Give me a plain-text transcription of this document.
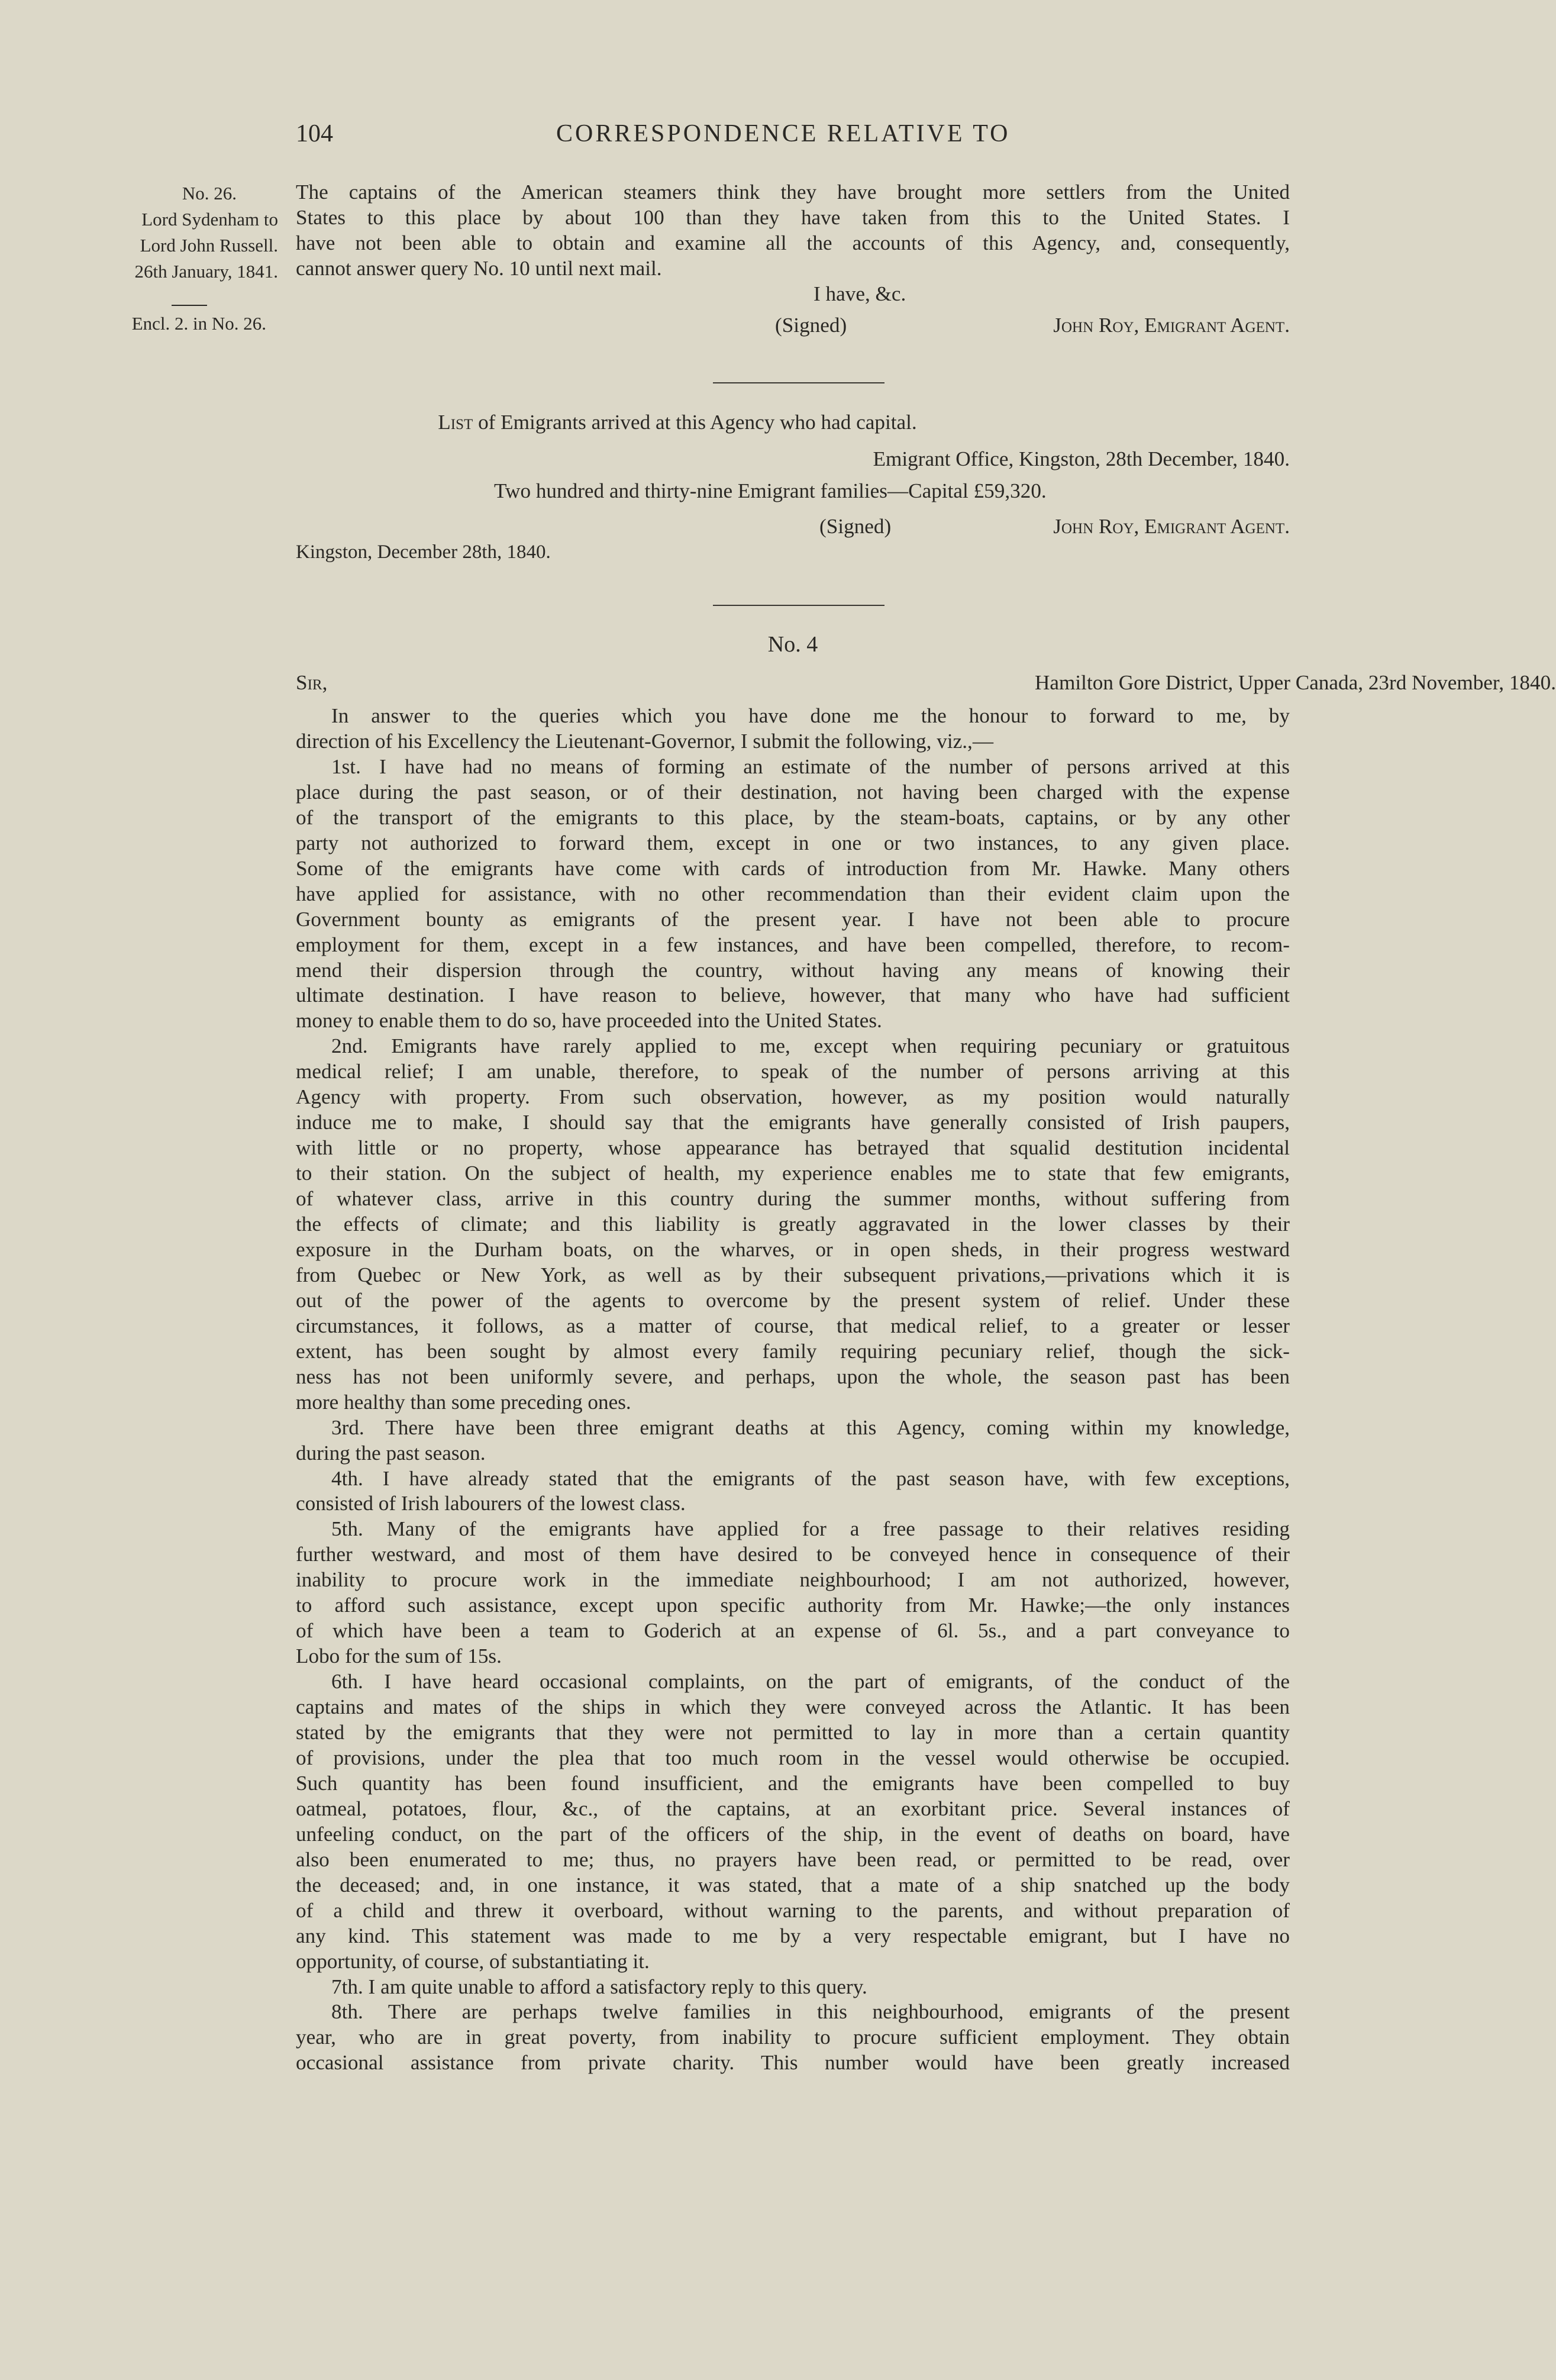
104	CORRESPONDENCE RELATIVE TO
No. 26.
Lord Sydenham to
Lord John Russell.
26th January, 1841.
Encl. 2. in No. 26.
The captains of the American steamers think they have brought more settlers from the United
States to this place by about 100 than they have taken from this to the United States. I
have not been able to obtain and examine all the accounts of this Agency, and, consequently,
cannot answer query No. 10 until next mail.
I have, &c.
(Signed)	John Roy, Emigrant Agent.
List of Emigrants arrived at this Agency who had capital.
Emigrant Office, Kingston, 28th December, 1840.
Two hundred and thirty-nine Emigrant families—Capital £59,320.
(Signed)	John Roy, Emigrant Agent.
Kingston, December 28th, 1840.
No. 4
Sir,	Hamilton Gore District, Upper Canada, 23rd November, 1840.
In answer to the queries which you have done me the honour to forward to me, by
direction of his Excellency the Lieutenant-Governor, I submit the following, viz.,—
1st. I have had no means of forming an estimate of the number of persons arrived at this
place during the past season, or of their destination, not having been charged with the expense
of the transport of the emigrants to this place, by the steam-boats, captains, or by any other
party not authorized to forward them, except in one or two instances, to any given place.
Some of the emigrants have come with cards of introduction from Mr. Hawke. Many others
have applied for assistance, with no other recommendation than their evident claim upon the
Government bounty as emigrants of the present year. I have not been able to procure
employment for them, except in a few instances, and have been compelled, therefore, to recom-
mend their dispersion through the country, without having any means of knowing their
ultimate destination. I have reason to believe, however, that many who have had sufficient
money to enable them to do so, have proceeded into the United States.
2nd. Emigrants have rarely applied to me, except when requiring pecuniary or gratuitous
medical relief; I am unable, therefore, to speak of the number of persons arriving at this
Agency with property. From such observation, however, as my position would naturally
induce me to make, I should say that the emigrants have generally consisted of Irish paupers,
with little or no property, whose appearance has betrayed that squalid destitution incidental
to their station. On the subject of health, my experience enables me to state that few emigrants,
of whatever class, arrive in this country during the summer months, without suffering from
the effects of climate; and this liability is greatly aggravated in the lower classes by their
exposure in the Durham boats, on the wharves, or in open sheds, in their progress westward
from Quebec or New York, as well as by their subsequent privations,—privations which it is
out of the power of the agents to overcome by the present system of relief. Under these
circumstances, it follows, as a matter of course, that medical relief, to a greater or lesser
extent, has been sought by almost every family requiring pecuniary relief, though the sick-
ness has not been uniformly severe, and perhaps, upon the whole, the season past has been
more healthy than some preceding ones.
3rd. There have been three emigrant deaths at this Agency, coming within my knowledge,
during the past season.
4th. I have already stated that the emigrants of the past season have, with few exceptions,
consisted of Irish labourers of the lowest class.
5th. Many of the emigrants have applied for a free passage to their relatives residing
further westward, and most of them have desired to be conveyed hence in consequence of their
inability to procure work in the immediate neighbourhood; I am not authorized, however,
to afford such assistance, except upon specific authority from Mr. Hawke;—the only instances
of which have been a team to Goderich at an expense of 6l. 5s., and a part conveyance to
Lobo for the sum of 15s.
6th. I have heard occasional complaints, on the part of emigrants, of the conduct of the
captains and mates of the ships in which they were conveyed across the Atlantic. It has been
stated by the emigrants that they were not permitted to lay in more than a certain quantity
of provisions, under the plea that too much room in the vessel would otherwise be occupied.
Such quantity has been found insufficient, and the emigrants have been compelled to buy
oatmeal, potatoes, flour, &c., of the captains, at an exorbitant price. Several instances of
unfeeling conduct, on the part of the officers of the ship, in the event of deaths on board, have
also been enumerated to me; thus, no prayers have been read, or permitted to be read, over
the deceased; and, in one instance, it was stated, that a mate of a ship snatched up the body
of a child and threw it overboard, without warning to the parents, and without preparation of
any kind. This statement was made to me by a very respectable emigrant, but I have no
opportunity, of course, of substantiating it.
7th. I am quite unable to afford a satisfactory reply to this query.
8th. There are perhaps twelve families in this neighbourhood, emigrants of the present
year, who are in great poverty, from inability to procure sufficient employment. They obtain
occasional assistance from private charity. This number would have been greatly increased
